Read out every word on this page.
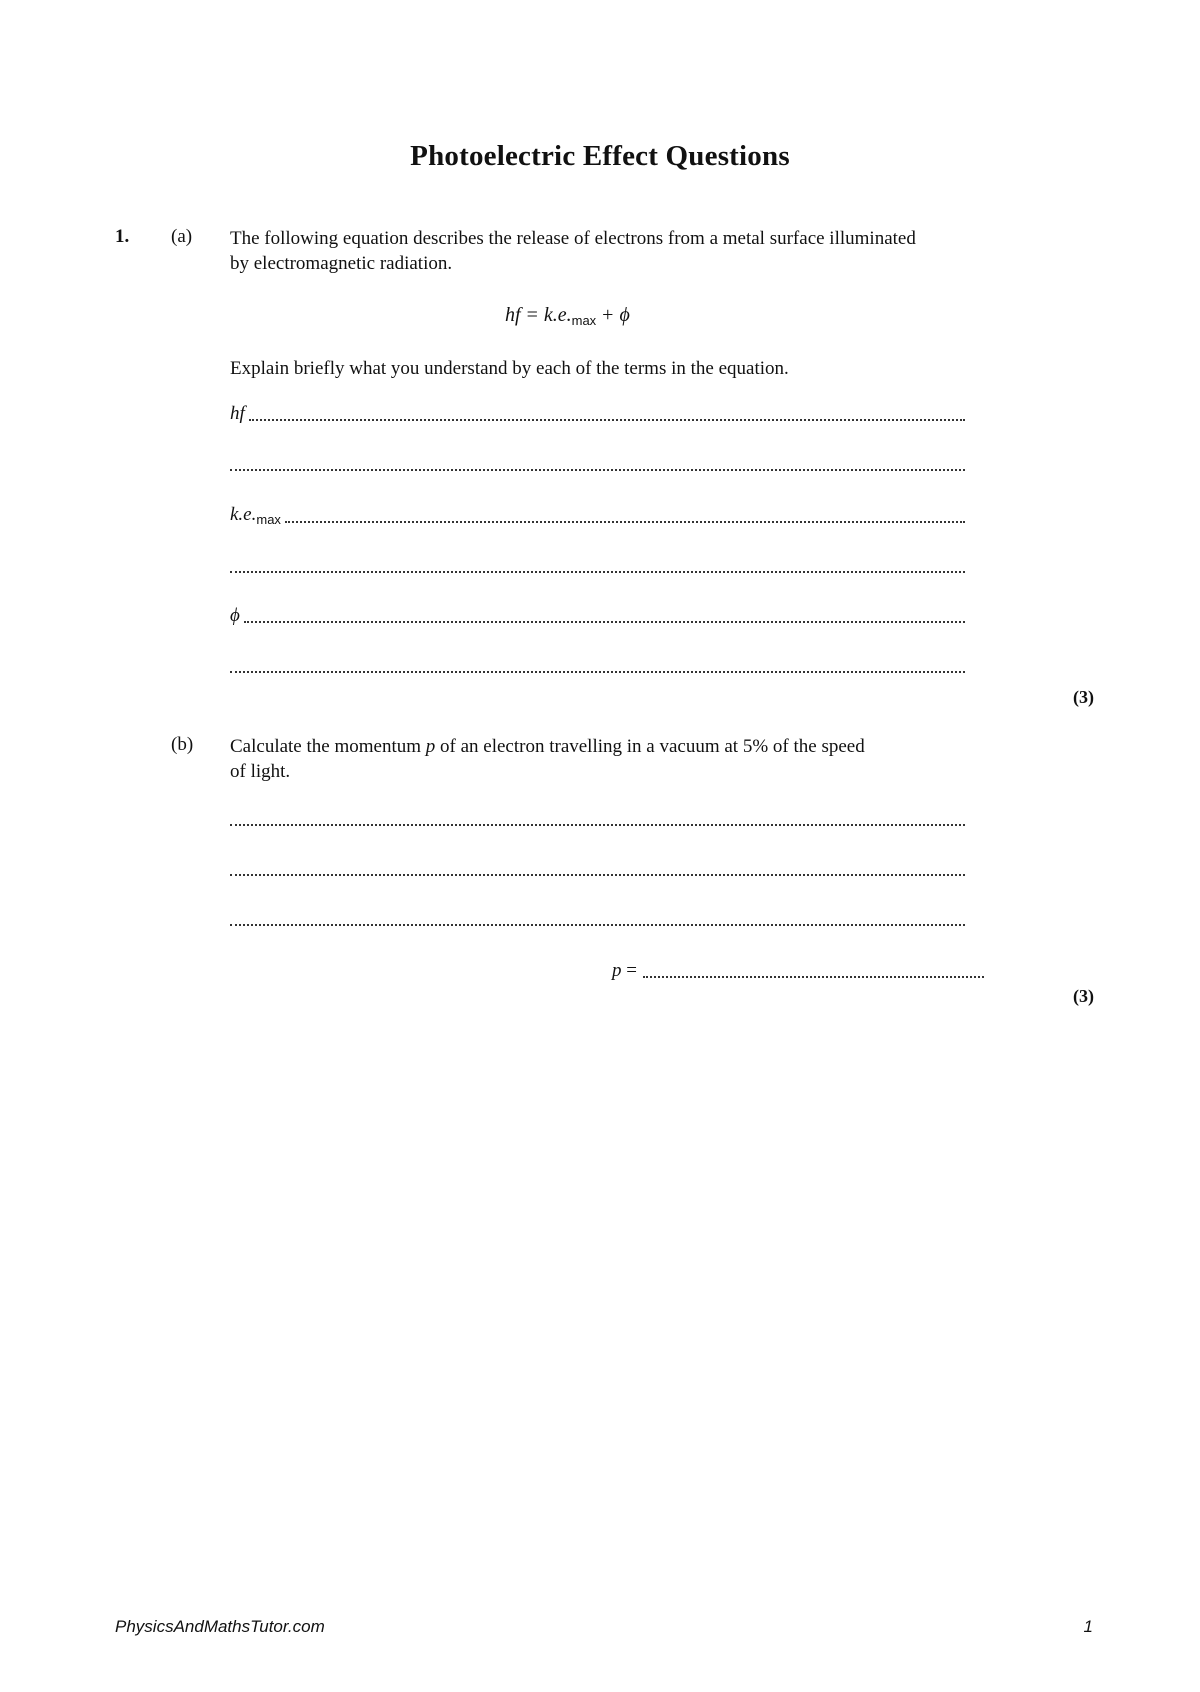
Photoelectric Effect Questions
1. (a) The following equation describes the release of electrons from a metal surface illuminated
by electromagnetic radiation.
hf = $k.e._{max} + \phi$
Explain briefly what you understand by each of the terms in the equation.
hf
$k.e._{max}$
ϕ
(3)
(b) Calculate the momentum p of an electron travelling in a vacuum at 5% of the speed
of light.
p =
(3)
PhysicsAndMathsTutor.com	1
